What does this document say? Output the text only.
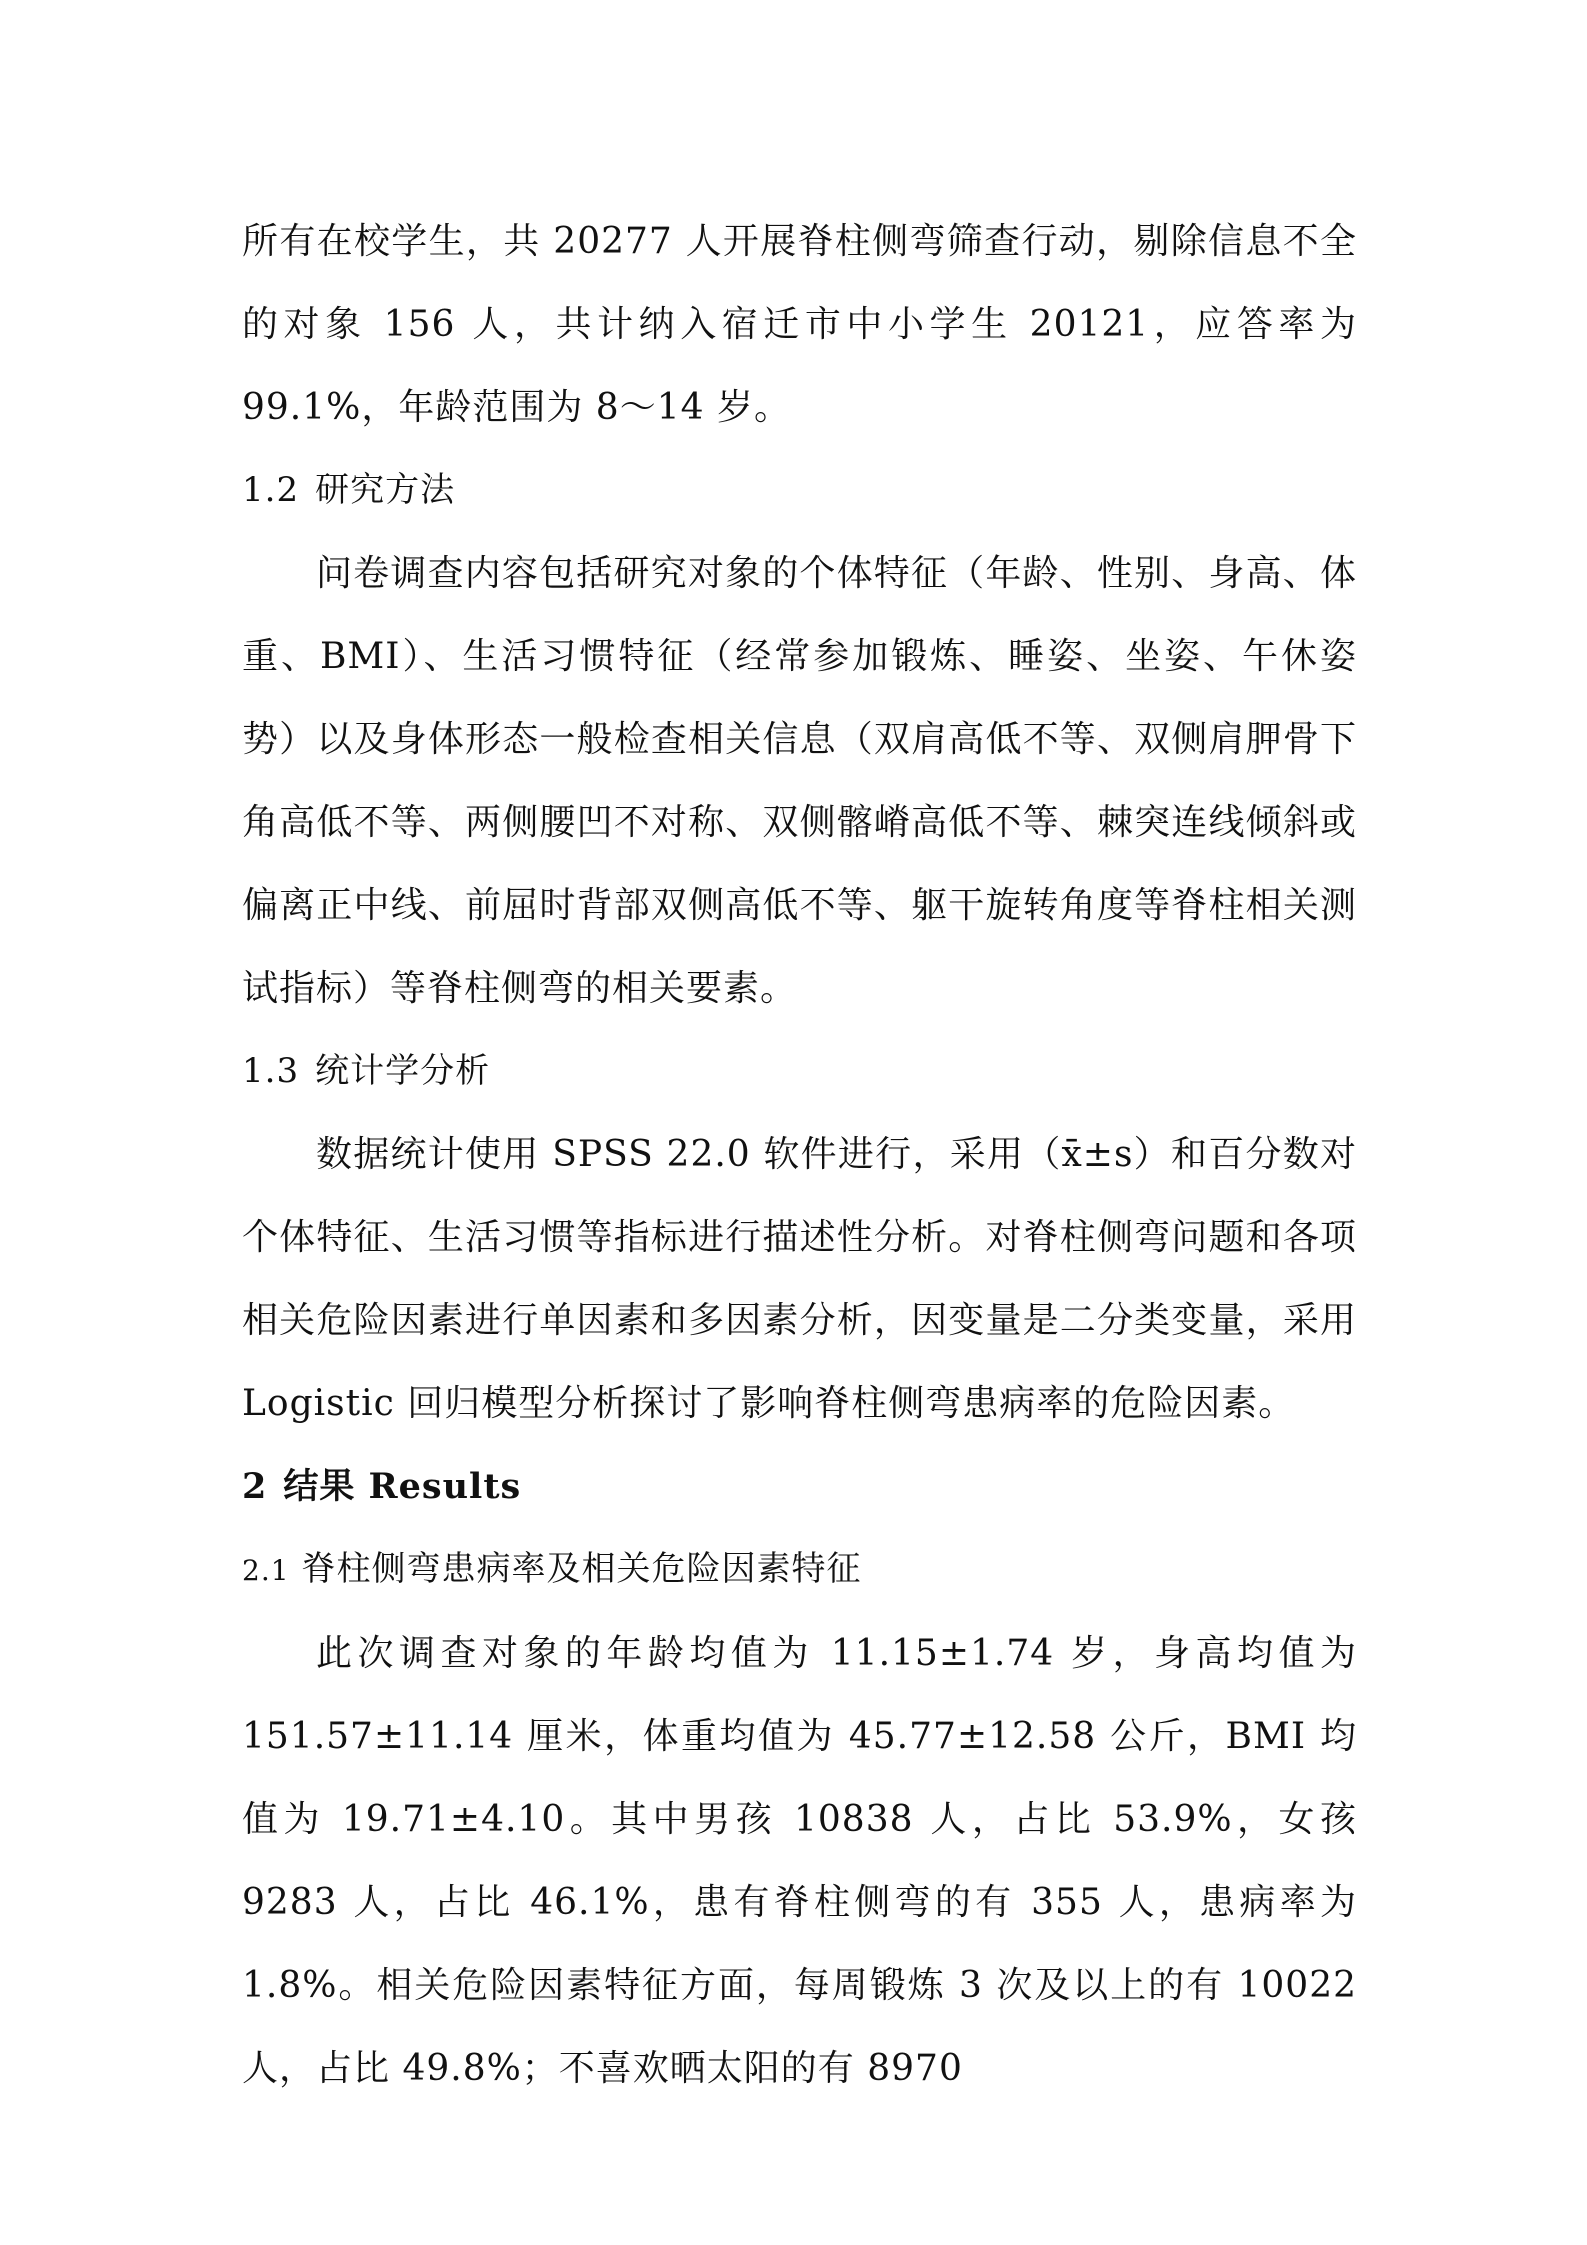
所有在校学生，共 20277 人开展脊柱侧弯筛查行动，剔除信息不全的对象 156 人，共计纳入宿迁市中小学生 20121，应答率为 99.1%，年龄范围为 8～14 岁。

1.2 研究方法

问卷调查内容包括研究对象的个体特征（年龄、性别、身高、体重、BMI）、生活习惯特征（经常参加锻炼、睡姿、坐姿、午休姿势）以及身体形态一般检查相关信息（双肩高低不等、双侧肩胛骨下角高低不等、两侧腰凹不对称、双侧髂嵴高低不等、棘突连线倾斜或偏离正中线、前屈时背部双侧高低不等、躯干旋转角度等脊柱相关测试指标）等脊柱侧弯的相关要素。

1.3 统计学分析

数据统计使用 SPSS 22.0 软件进行，采用（x̄±s）和百分数对个体特征、生活习惯等指标进行描述性分析。对脊柱侧弯问题和各项相关危险因素进行单因素和多因素分析，因变量是二分类变量，采用 Logistic 回归模型分析探讨了影响脊柱侧弯患病率的危险因素。

2 结果 Results
2.1 脊柱侧弯患病率及相关危险因素特征

此次调查对象的年龄均值为 11.15±1.74 岁，身高均值为 151.57±11.14 厘米，体重均值为 45.77±12.58 公斤，BMI 均值为 19.71±4.10。其中男孩 10838 人，占比 53.9%，女孩 9283 人，占比 46.1%，患有脊柱侧弯的有 355 人，患病率为 1.8%。相关危险因素特征方面，每周锻炼 3 次及以上的有 10022 人，占比 49.8%；不喜欢晒太阳的有 8970
